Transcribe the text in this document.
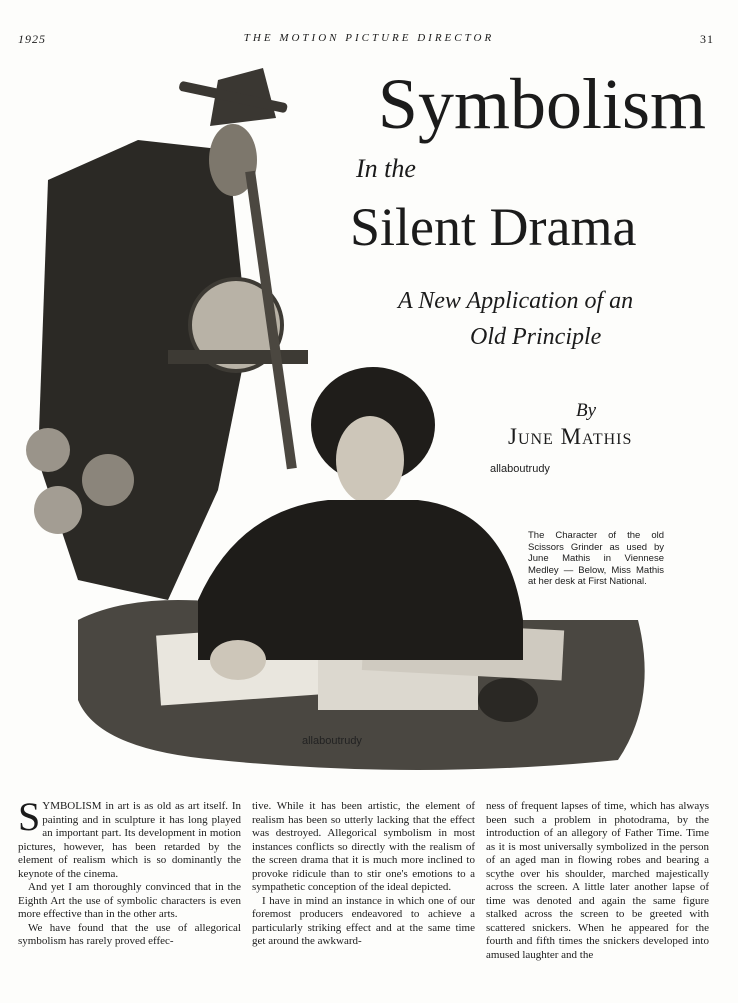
1925	THE MOTION PICTURE DIRECTOR	31
Symbolism
In the
Silent Drama
A New Application of an
Old Principle
By
June Mathis
allaboutrudy
allaboutrudy
The Character of the old Scissors Grinder as used by June Mathis in Viennese Medley — Below, Miss Mathis at her desk at First National.

SYMBOLISM in art is as old as art itself. In painting and in sculpture it has long played an important part. Its development in motion pictures, however, has been retarded by the element of realism which is so dominantly the keynote of the cinema.

And yet I am thoroughly convinced that in the Eighth Art the use of symbolic characters is even more effective than in the other arts.

We have found that the use of allegorical symbolism has rarely proved effec-

tive. While it has been artistic, the element of realism has been so utterly lacking that the effect was destroyed. Allegorical symbolism in most instances conflicts so directly with the realism of the screen drama that it is much more inclined to provoke ridicule than to stir one's emotions to a sympathetic conception of the ideal depicted.

I have in mind an instance in which one of our foremost producers endeavored to achieve a particularly striking effect and at the same time get around the awkward-

ness of frequent lapses of time, which has always been such a problem in photodrama, by the introduction of an allegory of Father Time. Time as it is most universally symbolized in the person of an aged man in flowing robes and bearing a scythe over his shoulder, marched majestically across the screen. A little later another lapse of time was denoted and again the same figure stalked across the screen to be greeted with scattered snickers. When he appeared for the fourth and fifth times the snickers developed into amused laughter and the
